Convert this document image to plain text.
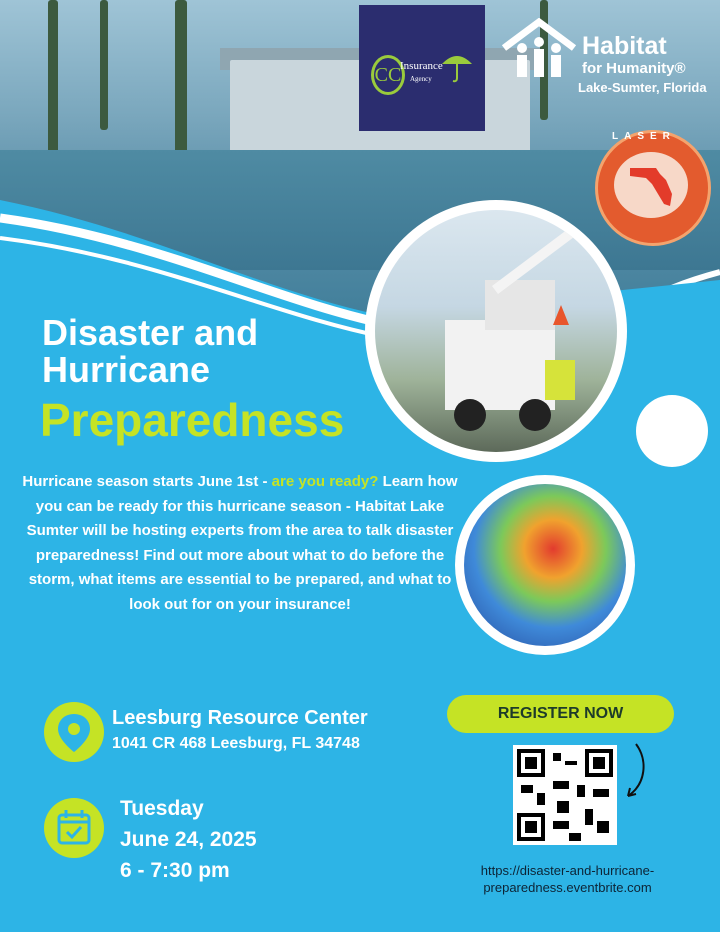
CC
Insurance
Agency
Habitat
for Humanity®
Lake-Sumter, Florida
LASER
Disaster and
Hurricane
Preparedness
Hurricane season starts June 1st - are you ready? Learn how you can be ready for this hurricane season - Habitat Lake Sumter will be hosting experts from the area to talk disaster preparedness! Find out more about what to do before the storm, what items are essential to be prepared, and what to look out for on your insurance!
Leesburg Resource Center
1041 CR 468 Leesburg, FL 34748
Tuesday
June 24, 2025
6 - 7:30 pm
REGISTER NOW
https://disaster-and-hurricane-
preparedness.eventbrite.com
